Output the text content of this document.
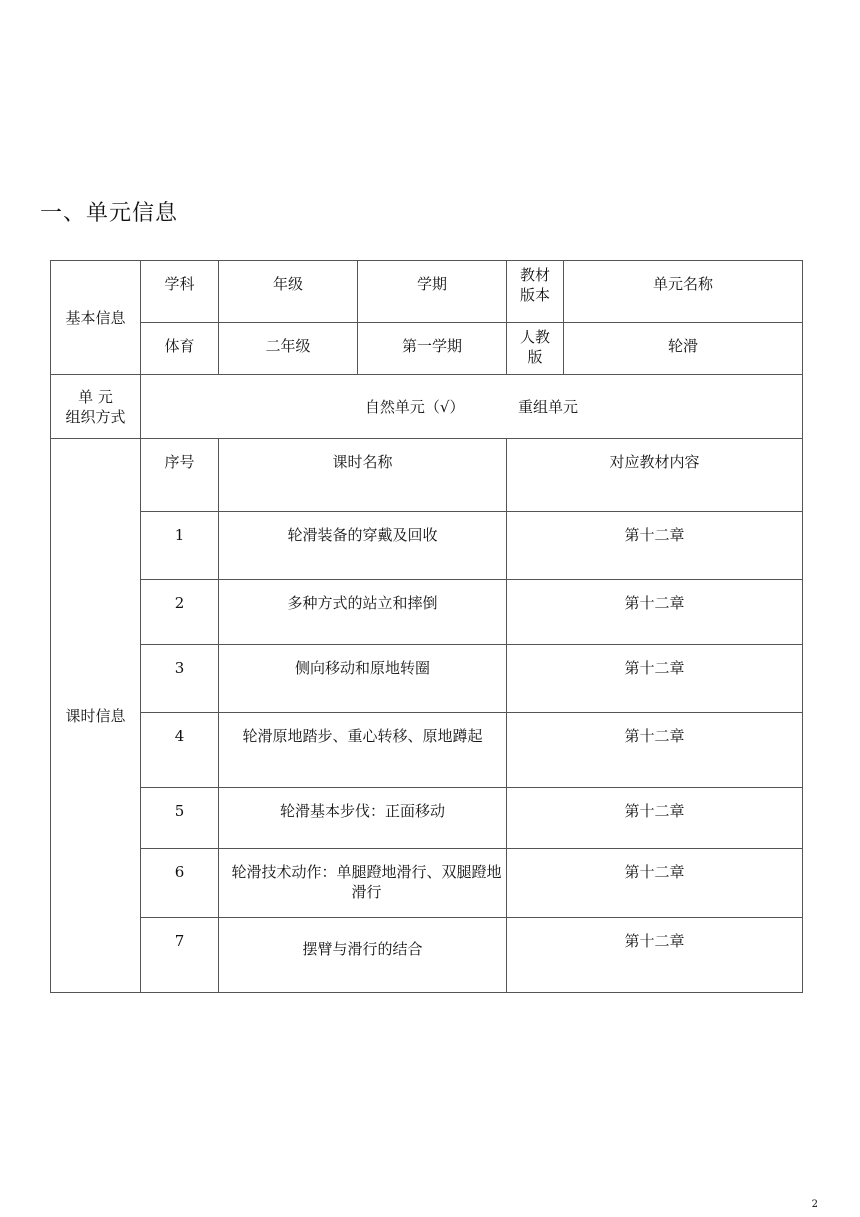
一、单元信息
基本信息	学科	年级	学期	教材版本	单元名称

	体育	二年级	第一学期	人教版	轮滑

单 元
组织方式	自然单元（√） 重组单元				
课时信息	序号	课时名称		对应教材内容	

	1	轮滑装备的穿戴及回收		第十二章	

	2	多种方式的站立和摔倒		第十二章	

	3	侧向移动和原地转圈		第十二章	

	4	轮滑原地踏步、重心转移、原地蹲起		第十二章	

	5	轮滑基本步伐：正面移动		第十二章	

	6	轮滑技术动作：单腿蹬地滑行、双腿蹬地滑行		第十二章	

	7	摆臂与滑行的结合		第十二章	
2
